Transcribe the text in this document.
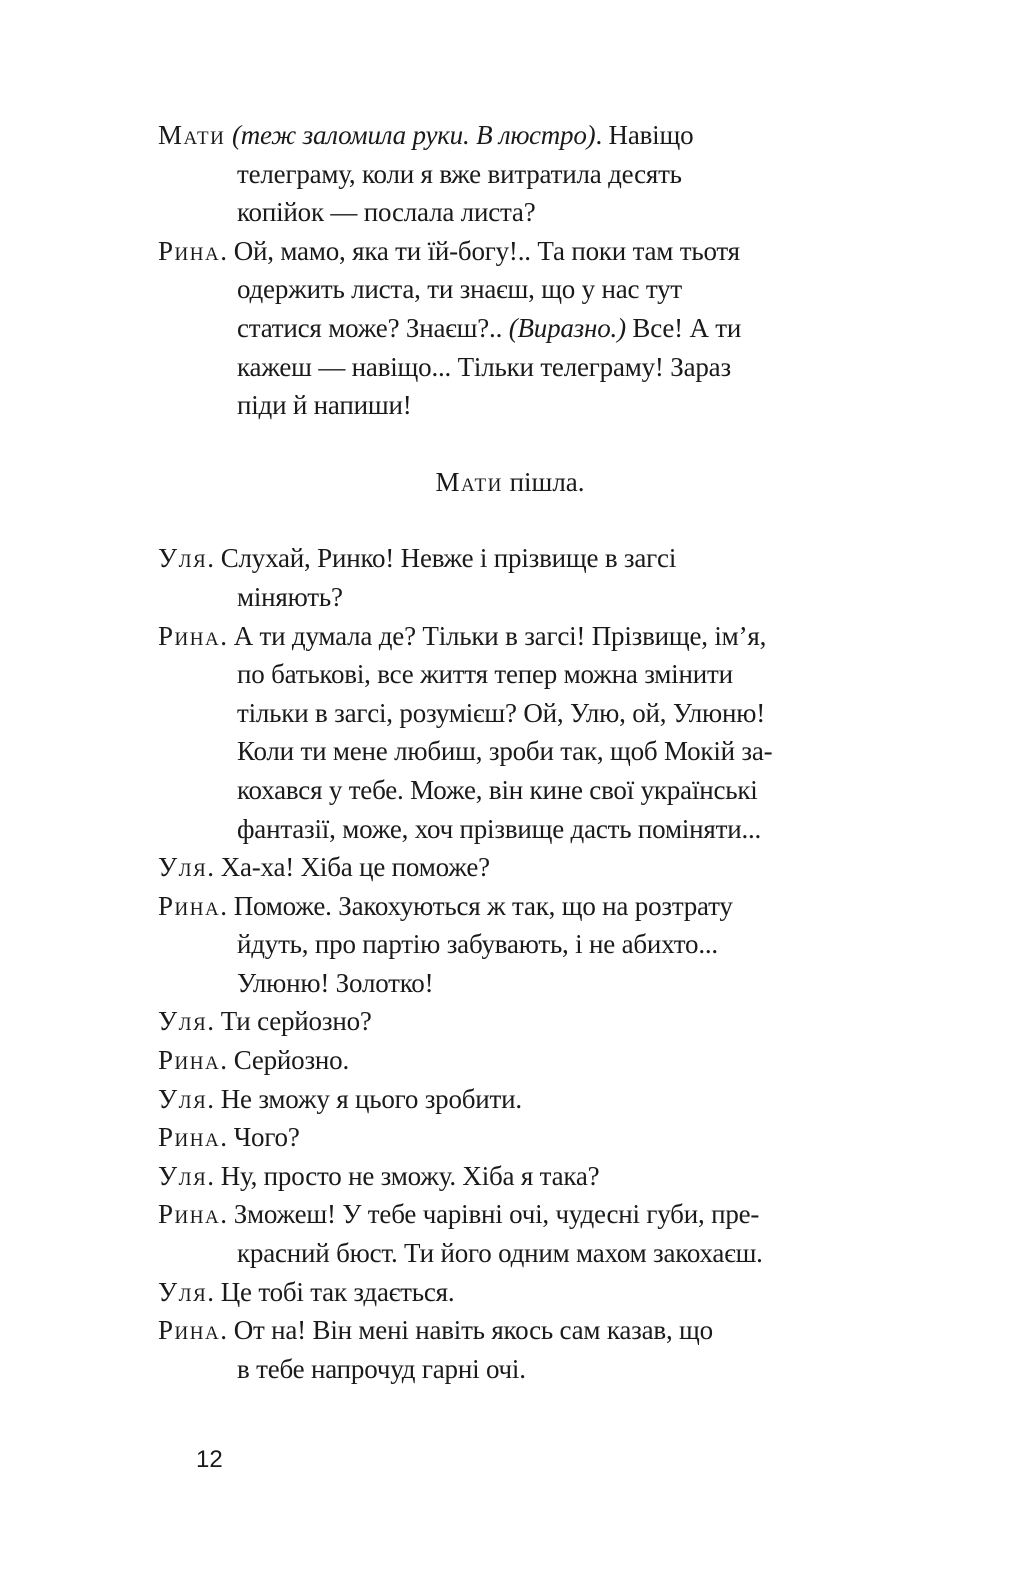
Мати (теж заломила руки. В люстро). Навіщо
телеграму, коли я вже витратила десять
копійок — послала листа?
Рина. Ой, мамо, яка ти їй-богу!.. Та поки там тьотя
одержить листа, ти знаєш, що у нас тут
статися може? Знаєш?.. (Виразно.) Все! А ти
кажеш — навіщо... Тільки телеграму! Зараз
піди й напиши!
Мати пішла.
Уля. Слухай, Ринко! Невже і прізвище в загсі
міняють?
Рина. А ти думала де? Тільки в загсі! Прізвище, ім’я,
по батькові, все життя тепер можна змінити
тільки в загсі, розумієш? Ой, Улю, ой, Улюню!
Коли ти мене любиш, зроби так, щоб Мокій за-
кохався у тебе. Може, він кине свої українські
фантазії, може, хоч прізвище дасть поміняти...
Уля. Ха-ха! Хіба це поможе?
Рина. Поможе. Закохуються ж так, що на розтрату
йдуть, про партію забувають, і не абихто...
Улюню! Золотко!
Уля. Ти серйозно?
Рина. Серйозно.
Уля. Не зможу я цього зробити.
Рина. Чого?
Уля. Ну, просто не зможу. Хіба я така?
Рина. Зможеш! У тебе чарівні очі, чудесні губи, пре-
красний бюст. Ти його одним махом закохаєш.
Уля. Це тобі так здається.
Рина. От на! Він мені навіть якось сам казав, що
в тебе напрочуд гарні очі.
12
